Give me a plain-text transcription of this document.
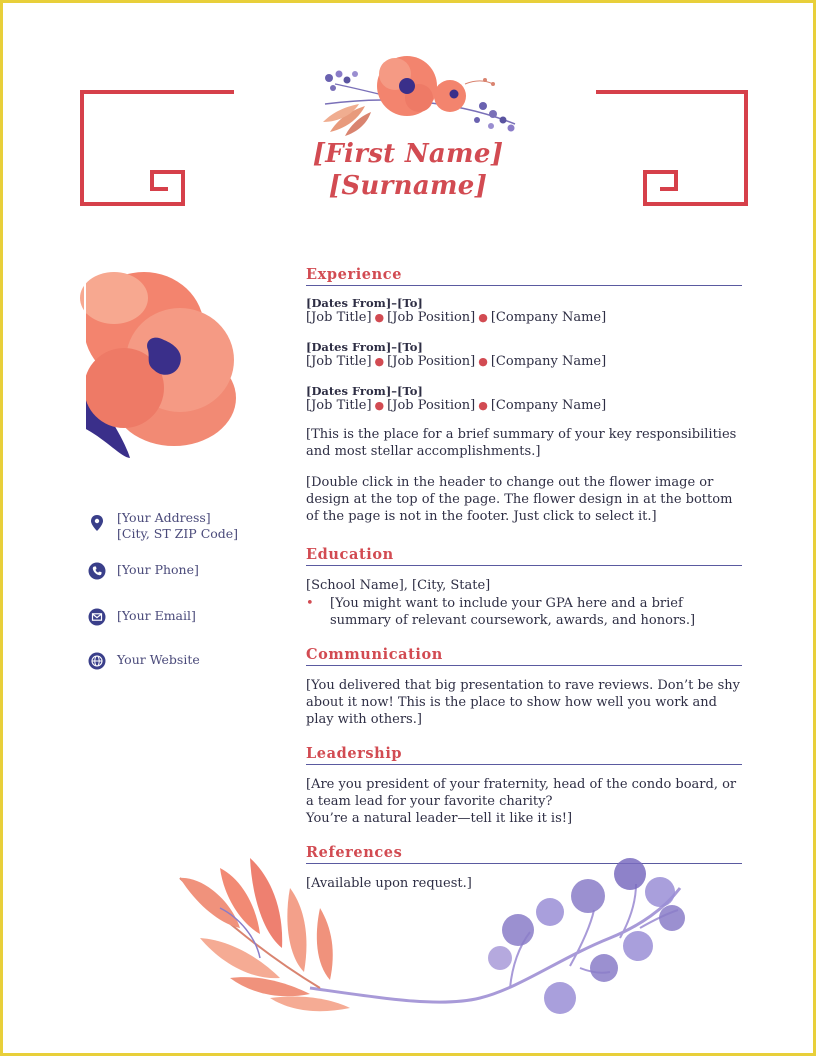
[First Name]
[Surname]
[Your Address]
[City, ST ZIP Code]
[Your Phone]
[Your Email]
Your Website
Experience
[Dates From]–[To]
[Job Title] ● [Job Position] ● [Company Name]
[Dates From]–[To]
[Job Title] ● [Job Position] ● [Company Name]
[Dates From]–[To]
[Job Title] ● [Job Position] ● [Company Name]
[This is the place for a brief summary of your key responsibilities and most stellar accomplishments.]
[Double click in the header to change out the flower image or design at the top of the page. The flower design in at the bottom of the page is not in the footer. Just click to select it.]
Education
[School Name], [City, State]
• [You might want to include your GPA here and a brief summary of relevant coursework, awards, and honors.]
Communication
[You delivered that big presentation to rave reviews. Don’t be shy about it now! This is the place to show how well you work and play with others.]
Leadership
[Are you president of your fraternity, head of the condo board, or a team lead for your favorite charity?
You’re a natural leader—tell it like it is!]
References
[Available upon request.]
